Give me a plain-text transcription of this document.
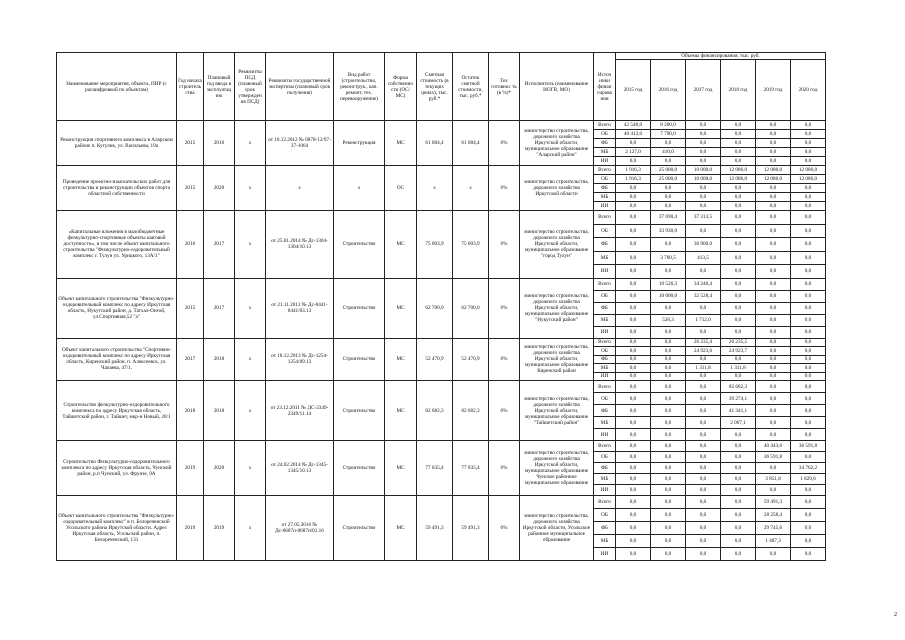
Наименование мероприятия, объекта, ПИР (с расшифровкой по объектам)	Год начала строитель ства	Плановый год ввода в эксплуатац ию	Реквизиты ПСД (плановый срок утвержден ия ПСД)	Реквизиты государственной экспертизы (плановый срок получения)	Вид работ (строительство, реконструк., кап. ремонт, тех. перевооружение)	Форма собственно сти (ОС/ МС)	Сметная стоимость (в текущих ценах), тыс. руб.*	Остаток сметной стоимости, тыс. руб.*	Тех готовнос ть (в %)*	Исполнитель (наименование ИОГВ, МО)	Источ ники финан сирова ния	Объемы финансирования, тыс. руб.					
												2015 год	2016 год	2017 год	2018 год	2019 год	2020 год
Реконструкция спортивного комплекса в Аларском районе п. Кутулик, ул. Васильева, 19а	2015	2016	х	от 10.12.2012 № 0878-12/97-37-1064	Реконструкция	МС	61 084,4	61 084,4	0%	министерство строительства, дорожного хозяйства Иркутской области, муниципальное образование "Аларский район"	Всего	42 540,0	8 200,0	0,0	0,0	0,0	0,0
											ОБ	40 413,0	7 790,0	0,0	0,0	0,0	0,0
											ФБ	0,0	0,0	0,0	0,0	0,0	0,0
											МБ	2 127,0	410,0	0,0	0,0	0,0	0,0
											ИИ	0,0	0,0	0,0	0,0	0,0	0,0
Проведение проектно-изыскательских работ для строительства и реконструкции объектов спорта областной собственности	2015	2020	х	х	х	ОС	х	х	0%	министерство строительства, дорожного хозяйства Иркутской области	Всего	1 916,3	25 000,0	10 000,0	12 086,0	12 086,0	12 086,0
											ОБ	1 916,3	25 000,0	10 000,0	12 086,0	12 086,0	12 086,0
											ФБ	0,0	0,0	0,0	0,0	0,0	0,0
											МБ	0,0	0,0	0,0	0,0	0,0	0,0
											ИИ	0,0	0,0	0,0	0,0	0,0	0,0
«Капитальные вложения в малобюджетные физкультурно-спортивные объекты шаговой доступности», в том числе объект капитального строительства "Физкультурно-оздоровительный комплекс г. Тулун ул. Урицкого, 13А/1"	2016	2017	х	от 25.01.2014 № Дс-1304-1304/10.13	Строительство	МС	75 003,9	75 003,9	0%	министерство строительства, дорожного хозяйства Иркутской области, муниципальное образование "город Тулун"	Всего	0,0	37 690,4	37 313,5	0,0	0,0	0,0
											ОБ	0,0	33 930,0	0,0	0,0	0,0	0,0
											ФБ	0,0	0,0	36 900,0	0,0	0,0	0,0
											МБ	0,0	3 760,5	413,5	0,0	0,0	0,0
											ИИ	0,0	0,0	0,0	0,0	0,0	0,0
Объект капитального строительства "Физкультурно-оздоровительный комплекс по адресу Иркутская область, Нукутский район, д. Татхал-Онгой, ул.Спортивная,52 "а"	2015	2017	х	от 21.11.2013 № Дс-0441-0441/03.13	Строительство	МС	62 700,0	62 700,0	0%	министерство строительства, дорожного хозяйства Иркутской области, муниципальное образование "Нукутский район"	Всего	0,0	10 526,3	34 240,4	0,0	0,0	0,0
											ОБ	0,0	10 000,0	32 528,4	0,0	0,0	0,0
											ФБ	0,0	0,0	0,0	0,0	0,0	0,0
											МБ	0,0	526,3	1 712,0	0,0	0,0	0,0
											ИИ	0,0	0,0	0,0	0,0	0,0	0,0
Объект капитального строительства "Спортивно-оздоровительный комплекс по адресу Иркутская область, Киренский район, п. Алексеевск, ул. Чапаева, 47/1.	2017	2018	х	от 18.12.2013 № Дс-1254-1254/09.13	Строительство	МС	52 470,9	52 470,9	0%	министерство строительства, дорожного хозяйства Иркутской области, муниципальное образование Киренский район	Всего	0,0	0,0	26 235,4	26 235,5	0,0	0,0
											ОБ	0,0	0,0	24 923,6	24 923,7	0,0	0,0
											ФБ	0,0	0,0	0,0	0,0	0,0	0,0
											МБ	0,0	0,0	1 311,8	1 311,8	0,0	0,0
											ИИ	0,0	0,0	0,0	0,0	0,0	0,0
Строительство физкультурно-оздоровительного комплекса по адресу Иркутская область, Тайшетский район, г. Тайшет, мкр-н Новый, 20/1	2018	2018	х	от 23.12.2011 № ДС-2349-2349/11.14	Строительство	МС	82 682,3	82 682,3	0%	министерство строительства, дорожного хозяйства Иркутской области, муниципальное образование "Тайшетский район"	Всего	0,0	0,0	0,0	82 682,3	0,0	0,0
											ОБ	0,0	0,0	0,0	39 274,1	0,0	0,0
											ФБ	0,0	0,0	0,0	41 341,1	0,0	0,0
											МБ	0,0	0,0	0,0	2 067,1	0,0	0,0
											ИИ	0,0	0,0	0,0	0,0	0,0	0,0
Строительство Физкультурно-оздоровительного комплекса по адресу Иркутская область, Чунский район, р.п Чунский, ул. Фрунзе, 9А	2019	2020	х	от 24.02.2014 № Дс-1345-1345/10.13	Строительство	МС	77 035,4	77 035,4	0%	министерство строительства, дорожного хозяйства Иркутской области, муниципальное образование Чунское районное муниципальное образование	Всего	0,0	0,0	0,0	0,0	40 443,6	36 591,8
											ОБ	0,0	0,0	0,0	0,0	36 591,8	0,0
											ФБ	0,0	0,0	0,0	0,0	0,0	34 762,2
											МБ	0,0	0,0	0,0	0,0	3 851,8	1 829,6
											ИИ	0,0	0,0	0,0	0,0	0,0	0,0
Объект капитального строительства "Физкультурно-оздоровительный комплекс" в п. Белореченский Усольского района Иркутской области. Адрес Иркутская область, Усольский район, п. Белореченский, 131	2019	2019	х	от 27.05.2016 № Дс-0687п-0687п/01.16	Строительство	МС	59 491,3	59 491,3	0%	министерство строительства, дорожного хозяйства Иркутской области, Усольское районное муниципальное образование	Всего	0,0	0,0	0,0	0,0	59 491,3	0,0
											ОБ	0,0	0,0	0,0	0,0	28 258,4	0,0
											ФБ	0,0	0,0	0,0	0,0	29 745,6	0,0
											МБ	0,0	0,0	0,0	0,0	1 487,3	0,0
											ИИ	0,0	0,0	0,0	0,0	0,0	0,0
2
